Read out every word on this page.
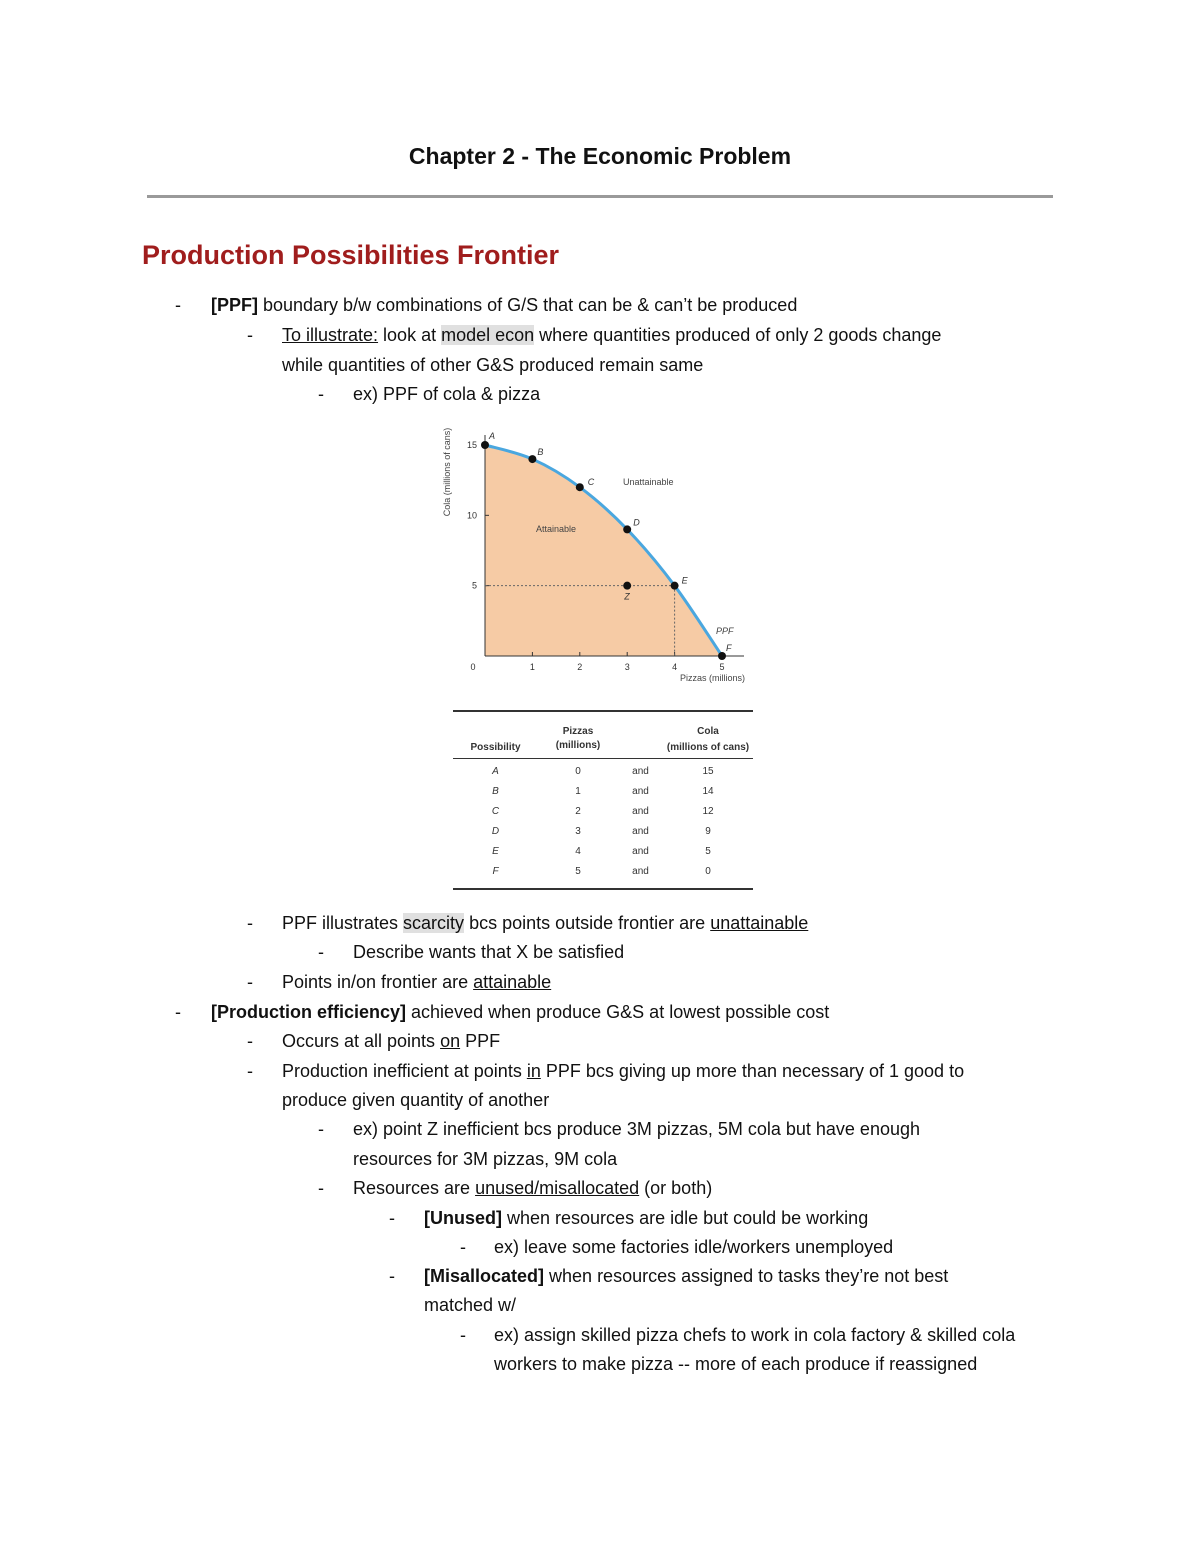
Chapter 2 - The Economic Problem
Production Possibilities Frontier
- [PPF] boundary b/w combinations of G/S that can be & can’t be produced
- To illustrate: look at model econ where quantities produced of only 2 goods change
while quantities of other G&S produced remain same
- ex) PPF of cola & pizza
0	1	2	3	4	5
5
10
15
A
B
C
D
E
F
Z
Unattainable
Attainable
PPF
Pizzas (millions)
Cola (millions of cans)
Possibility
Pizzas
(millions)
Cola
(millions of cans)
A	0	and	15
B	1	and	14
C	2	and	12
D	3	and	9
E	4	and	5
F	5	and	0
- PPF illustrates scarcity bcs points outside frontier are unattainable
- Describe wants that X be satisfied
- Points in/on frontier are attainable
- [Production efficiency] achieved when produce G&S at lowest possible cost
- Occurs at all points on PPF
- Production inefficient at points in PPF bcs giving up more than necessary of 1 good to
produce given quantity of another
- ex) point Z inefficient bcs produce 3M pizzas, 5M cola but have enough
resources for 3M pizzas, 9M cola
- Resources are unused/misallocated (or both)
- [Unused] when resources are idle but could be working
- ex) leave some factories idle/workers unemployed
- [Misallocated] when resources assigned to tasks they’re not best
matched w/
- ex) assign skilled pizza chefs to work in cola factory & skilled cola
workers to make pizza -- more of each produce if reassigned
